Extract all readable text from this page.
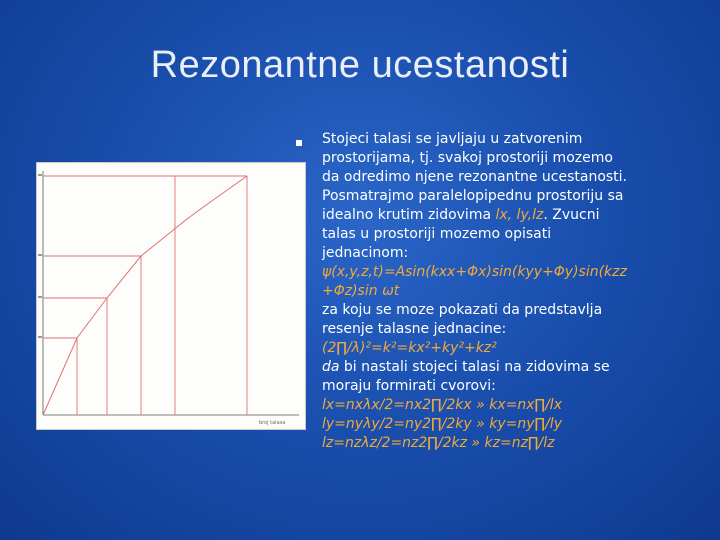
Rezonantne ucestanosti
broj talasa
Stojeci talasi se javljaju u zatvorenim
prostorijama, tj. svakoj prostoriji mozemo
da odredimo njene rezonantne ucestanosti.
Posmatrajmo paralelopipednu prostoriju sa
idealno krutim zidovima lx, ly,lz. Zvucni
talas u prostoriji mozemo opisati
jednacinom:
ψ(x,y,z,t)=Asin(kxx+Φx)sin(kyy+Φy)sin(kzz
+Φz)sin ωt
za koju se moze pokazati da predstavlja
resenje talasne jednacine:
(2∏/λ)²=k²=kx²+ky²+kz²
da bi nastali stojeci talasi na zidovima se
moraju formirati cvorovi:
lx=nxλx/2=nx2∏/2kx » kx=nx∏/lx
ly=nyλy/2=ny2∏/2ky » ky=ny∏/ly
lz=nzλz/2=nz2∏/2kz » kz=nz∏/lz
